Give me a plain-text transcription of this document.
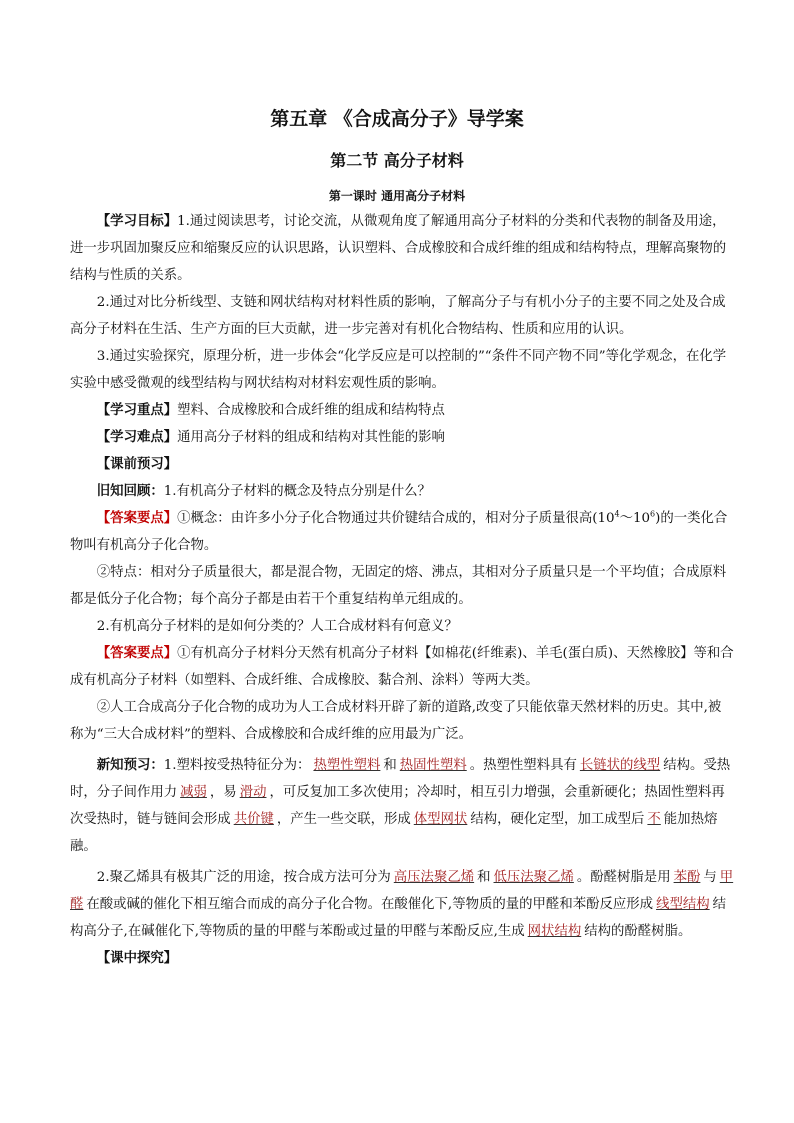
第五章 《合成高分子》导学案
第二节 高分子材料
第一课时 通用高分子材料

【学习目标】1.通过阅读思考，讨论交流，从微观角度了解通用高分子材料的分类和代表物的制备及用途，进一步巩固加聚反应和缩聚反应的认识思路，认识塑料、合成橡胶和合成纤维的组成和结构特点，理解高聚物的结构与性质的关系。

2.通过对比分析线型、支链和网状结构对材料性质的影响，了解高分子与有机小分子的主要不同之处及合成高分子材料在生活、生产方面的巨大贡献，进一步完善对有机化合物结构、性质和应用的认识。

3.通过实验探究，原理分析，进一步体会“化学反应是可以控制的”“条件不同产物不同”等化学观念，在化学实验中感受微观的线型结构与网状结构对材料宏观性质的影响。

【学习重点】塑料、合成橡胶和合成纤维的组成和结构特点

【学习难点】通用高分子材料的组成和结构对其性能的影响

【课前预习】

旧知回顾：1.有机高分子材料的概念及特点分别是什么？

【答案要点】①概念：由许多小分子化合物通过共价键结合成的，相对分子质量很高$(10^4\sim 10^6)$的一类化合物叫有机高分子化合物。

②特点：相对分子质量很大，都是混合物，无固定的熔、沸点，其相对分子质量只是一个平均值；合成原料都是低分子化合物；每个高分子都是由若干个重复结构单元组成的。

2.有机高分子材料的是如何分类的？人工合成材料有何意义？

【答案要点】①有机高分子材料分天然有机高分子材料【如棉花(纤维素)、羊毛(蛋白质)、天然橡胶】等和合成有机高分子材料（如塑料、合成纤维、合成橡胶、黏合剂、涂料）等两大类。

②人工合成高分子化合物的成功为人工合成材料开辟了新的道路,改变了只能依靠天然材料的历史。其中,被称为“三大合成材料”的塑料、合成橡胶和合成纤维的应用最为广泛。

新知预习：1.塑料按受热特征分为： 热塑性塑料 和 热固性塑料 。热塑性塑料具有 长链状的线型 结构。受热时，分子间作用力 减弱 ，易 滑动 ，可反复加工多次使用；冷却时，相互引力增强，会重新硬化；热固性塑料再次受热时，链与链间会形成 共价键 ，产生一些交联，形成 体型网状 结构，硬化定型，加工成型后 不 能加热熔融。

2.聚乙烯具有极其广泛的用途，按合成方法可分为 高压法聚乙烯 和 低压法聚乙烯 。酚醛树脂是用 苯酚 与 甲醛 在酸或碱的催化下相互缩合而成的高分子化合物。在酸催化下,等物质的量的甲醛和苯酚反应形成 线型结构 结构高分子,在碱催化下,等物质的量的甲醛与苯酚或过量的甲醛与苯酚反应,生成 网状结构 结构的酚醛树脂。

【课中探究】
